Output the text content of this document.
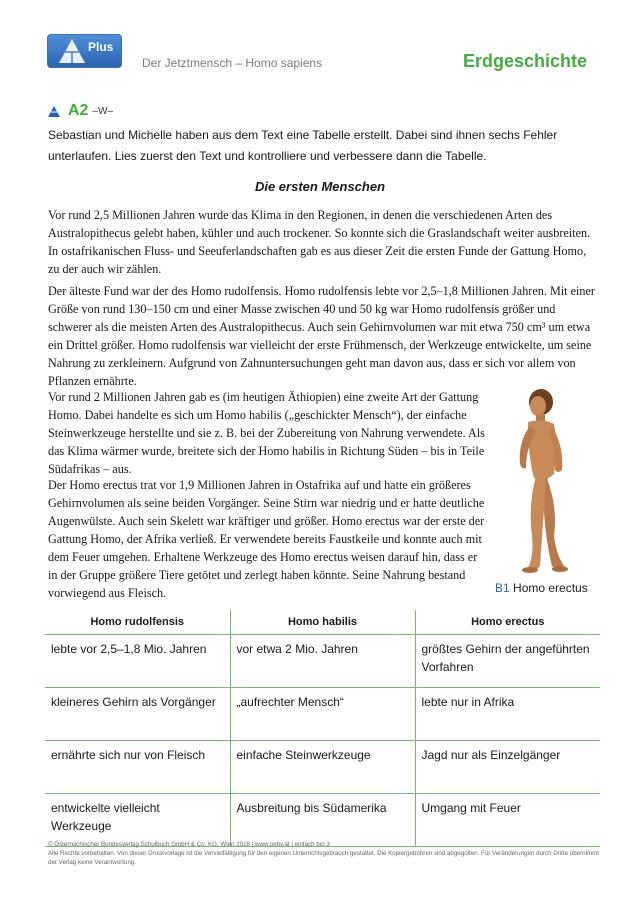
Plus
Der Jetztmensch – Homo sapiens	Erdgeschichte
A2 –W–
Sebastian und Michelle haben aus dem Text eine Tabelle erstellt. Dabei sind ihnen sechs Fehler unterlaufen. Lies zuerst den Text und kontrolliere und verbessere dann die Tabelle.
Die ersten Menschen
Vor rund 2,5 Millionen Jahren wurde das Klima in den Regionen, in denen die verschiedenen Arten des Australopithecus gelebt haben, kühler und auch trockener. So konnte sich die Graslandschaft weiter ausbreiten. In ostafrikanischen Fluss- und Seeuferlandschaften gab es aus dieser Zeit die ersten Funde der Gattung Homo, zu der auch wir zählen.
Der älteste Fund war der des Homo rudolfensis. Homo rudolfensis lebte vor 2,5–1,8 Millionen Jahren. Mit einer Größe von rund 130–150 cm und einer Masse zwischen 40 und 50 kg war Homo rudolfensis größer und schwerer als die meisten Arten des Australopithecus. Auch sein Gehirnvolumen war mit etwa 750 cm³ um etwa ein Drittel größer. Homo rudolfensis war vielleicht der erste Frühmensch, der Werkzeuge entwickelte, um seine Nahrung zu zerkleinern. Aufgrund von Zahnuntersuchungen geht man davon aus, dass er sich vor allem von Pflanzen ernährte.
Vor rund 2 Millionen Jahren gab es (im heutigen Äthiopien) eine zweite Art der Gattung Homo. Dabei handelte es sich um Homo habilis („geschickter Mensch“), der einfache Steinwerkzeuge herstellte und sie z. B. bei der Zubereitung von Nahrung verwendete. Als das Klima wärmer wurde, breitete sich der Homo habilis in Richtung Süden – bis in Teile Südafrikas – aus.
Der Homo erectus trat vor 1,9 Millionen Jahren in Ostafrika auf und hatte ein größeres Gehirnvolumen als seine beiden Vorgänger. Seine Stirn war niedrig und er hatte deutliche Augenwülste. Auch sein Skelett war kräftiger und größer. Homo erectus war der erste der Gattung Homo, der Afrika verließ. Er verwendete bereits Faustkeile und konnte auch mit dem Feuer umgehen. Erhaltene Werkzeuge des Homo erectus weisen darauf hin, dass er in der Gruppe größere Tiere getötet und zerlegt haben könnte. Seine Nahrung bestand vorwiegend aus Fleisch.	B1 Homo erectus
Homo rudolfensis	Homo habilis	Homo erectus
lebte vor 2,5–1,8 Mio. Jahren	vor etwa 2 Mio. Jahren	größtes Gehirn der angeführten Vorfahren
kleineres Gehirn als Vorgänger	„aufrechter Mensch“	lebte nur in Afrika
ernährte sich nur von Fleisch	einfache Steinwerkzeuge	Jagd nur als Einzelgänger
entwickelte vielleicht Werkzeuge	Ausbreitung bis Südamerika	Umgang mit Feuer
© Österreichischer Bundesverlag Schulbuch GmbH & Co. KG, Wien 2018 | www.oebv.at | einfach bio 3
Alle Rechte vorbehalten. Von dieser Druckvorlage ist die Vervielfältigung für den eigenen Unterrichtsgebrauch gestattet. Die Kopiergebühren sind abgegolten. Für Veränderungen durch Dritte übernimmt der Verlag keine Verantwortung.
